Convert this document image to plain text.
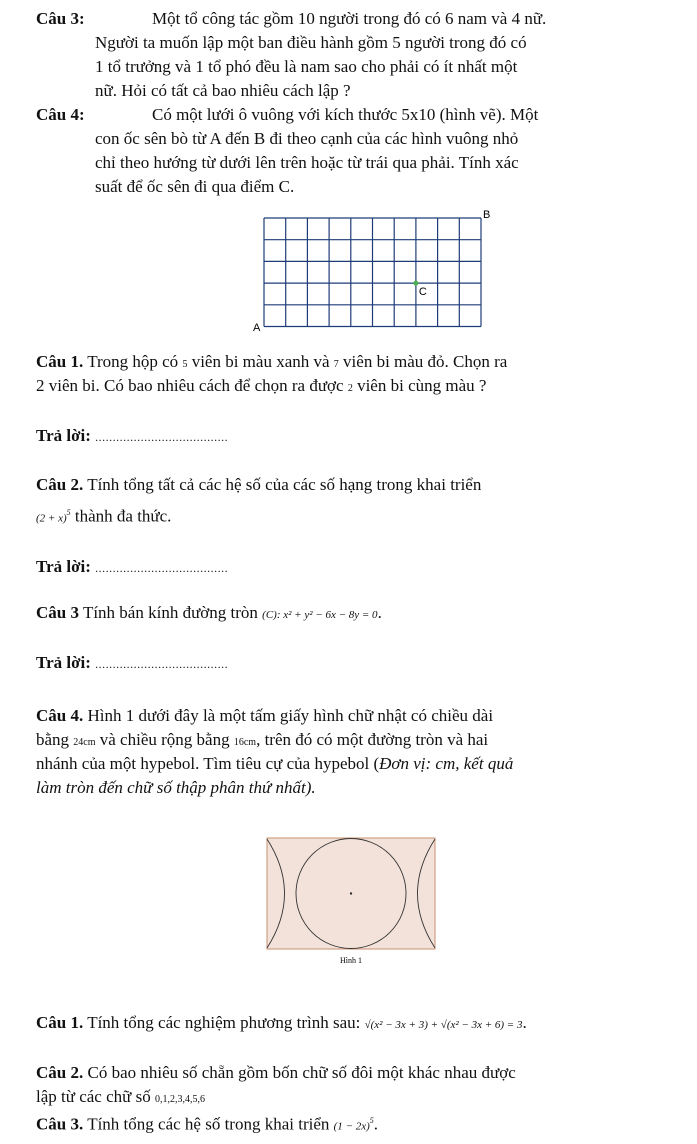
Câu 3:	Một tổ công tác gồm 10 người trong đó có 6 nam và 4 nữ.
Người ta muốn lập một ban điều hành gồm 5 người trong đó có
1 tổ trưởng và 1 tổ phó đều là nam sao cho phải có ít nhất một
nữ. Hỏi có tất cả bao nhiêu cách lập ?
Câu 4:	Có một lưới ô vuông với kích thước 5x10 (hình vẽ). Một
con ốc sên bò từ A đến B đi theo cạnh của các hình vuông nhỏ
chỉ theo hướng từ dưới lên trên hoặc từ trái qua phải. Tính xác
suất để ốc sên đi qua điểm C.
B
A
C
Câu 1. Trong hộp có 5 viên bi màu xanh và 7 viên bi màu đỏ. Chọn ra
2 viên bi. Có bao nhiêu cách để chọn ra được 2 viên bi cùng màu ?
Trả lời: ......................................
Câu 2. Tính tổng tất cả các hệ số của các số hạng trong khai triển
$(2 + x)^5$ thành đa thức.
Trả lời: ......................................
Câu 3 Tính bán kính đường tròn (C): x² + y² − 6x − 8y = 0.
Trả lời: ......................................
Câu 4. Hình 1 dưới đây là một tấm giấy hình chữ nhật có chiều dài
bằng 24cm và chiều rộng bằng 16cm, trên đó có một đường tròn và hai
nhánh của một hypebol. Tìm tiêu cự của hypebol (Đơn vị: cm, kết quả
làm tròn đến chữ số thập phân thứ nhất).
Hình 1
Câu 1. Tính tổng các nghiệm phương trình sau: √(x² − 3x + 3) + √(x² − 3x + 6) = 3.
Câu 2. Có bao nhiêu số chẵn gồm bốn chữ số đôi một khác nhau được
lập từ các chữ số 0,1,2,3,4,5,6
Câu 3. Tính tổng các hệ số trong khai triển $(1 - 2x)^5$.
